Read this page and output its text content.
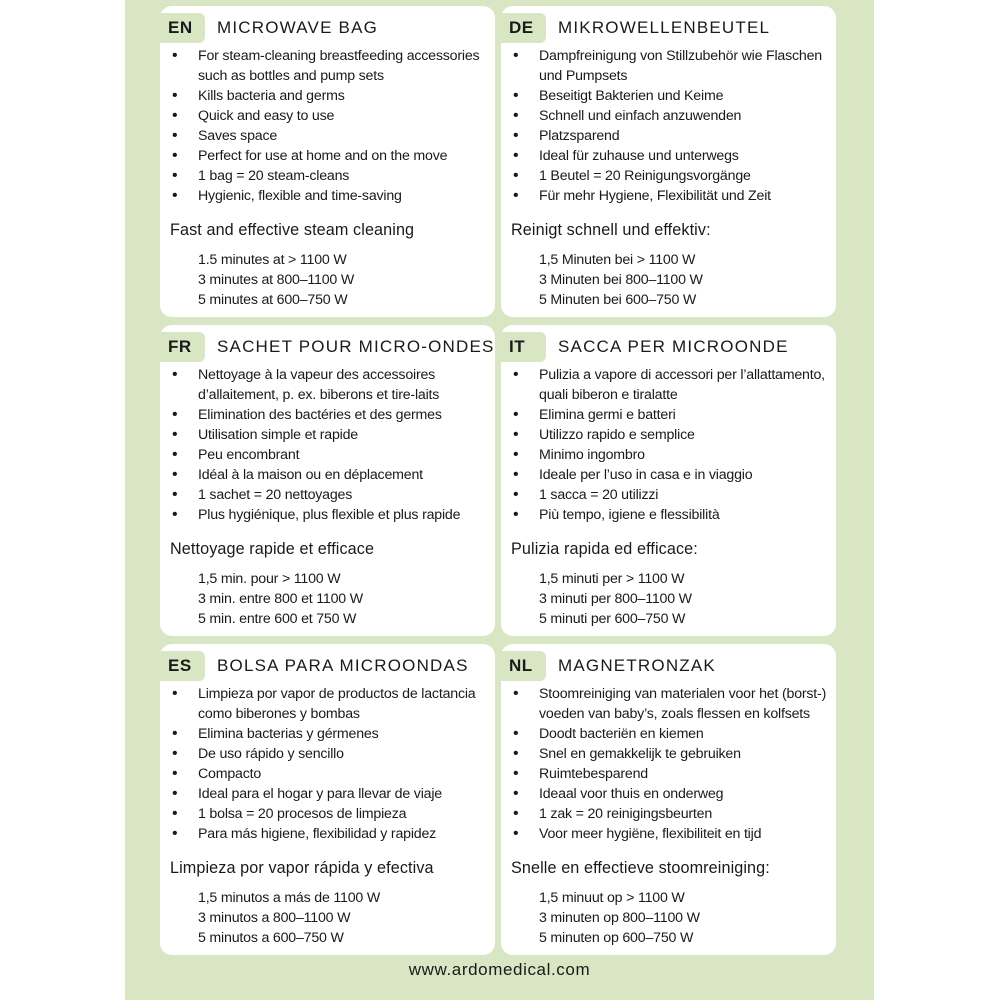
EN	MICROWAVE BAG
• For steam-cleaning breastfeeding accessories such as bottles and pump sets
• Kills bacteria and germs
• Quick and easy to use
• Saves space
• Perfect for use at home and on the move
• 1 bag = 20 steam-cleans
• Hygienic, flexible and time-saving
Fast and effective steam cleaning
1.5 minutes at > 1100 W
3 minutes at 800–1100 W
5 minutes at 600–750 W
DE	MIKROWELLENBEUTEL
• Dampfreinigung von Stillzubehör wie Flaschen und Pumpsets
• Beseitigt Bakterien und Keime
• Schnell und einfach anzuwenden
• Platzsparend
• Ideal für zuhause und unterwegs
• 1 Beutel = 20 Reinigungsvorgänge
• Für mehr Hygiene, Flexibilität und Zeit
Reinigt schnell und effektiv:
1,5 Minuten bei > 1100 W
3 Minuten bei 800–1100 W
5 Minuten bei 600–750 W
FR	SACHET POUR MICRO-ONDES
• Nettoyage à la vapeur des accessoires d’allaitement, p. ex. biberons et tire-laits
• Elimination des bactéries et des germes
• Utilisation simple et rapide
• Peu encombrant
• Idéal à la maison ou en déplacement
• 1 sachet = 20 nettoyages
• Plus hygiénique, plus flexible et plus rapide
Nettoyage rapide et efficace
1,5 min. pour > 1100 W
3 min. entre 800 et 1100 W
5 min. entre 600 et 750 W
IT	SACCA PER MICROONDE
• Pulizia a vapore di accessori per l’allattamento, quali biberon e tiralatte
• Elimina germi e batteri
• Utilizzo rapido e semplice
• Minimo ingombro
• Ideale per l’uso in casa e in viaggio
• 1 sacca = 20 utilizzi
• Più tempo, igiene e flessibilità
Pulizia rapida ed efficace:
1,5 minuti per > 1100 W
3 minuti per 800–1100 W
5 minuti per 600–750 W
ES	BOLSA PARA MICROONDAS
• Limpieza por vapor de productos de lactancia como biberones y bombas
• Elimina bacterias y gérmenes
• De uso rápido y sencillo
• Compacto
• Ideal para el hogar y para llevar de viaje
• 1 bolsa = 20 procesos de limpieza
• Para más higiene, flexibilidad y rapidez
Limpieza por vapor rápida y efectiva
1,5 minutos a más de 1100 W
3 minutos a 800–1100 W
5 minutos a 600–750 W
NL	MAGNETRONZAK
• Stoomreiniging van materialen voor het (borst-) voeden van baby’s, zoals flessen en kolfsets
• Doodt bacteriën en kiemen
• Snel en gemakkelijk te gebruiken
• Ruimtebesparend
• Ideaal voor thuis en onderweg
• 1 zak = 20 reinigingsbeurten
• Voor meer hygiëne, flexibiliteit en tijd
Snelle en effectieve stoomreiniging:
1,5 minuut op > 1100 W
3 minuten op 800–1100 W
5 minuten op 600–750 W
www.ardomedical.com
